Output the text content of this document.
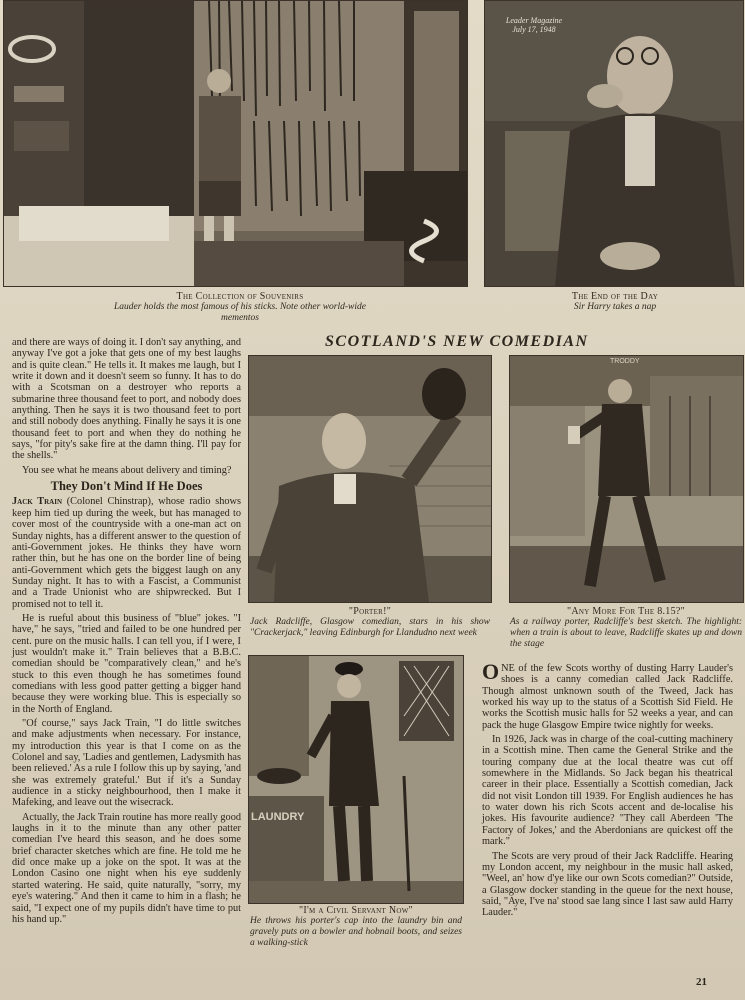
The Collection of Souvenirs
Lauder holds the most famous of his sticks. Note other world-wide mementos
Leader Magazine
July 17, 1948
The End of the Day
Sir Harry takes a nap
SCOTLAND'S NEW COMEDIAN
"Porter!"
Jack Radcliffe, Glasgow comedian, stars in his show "Crackerjack," leaving Edinburgh for Llandudno next week
TRODDY
"Any More For The 8.15?"
As a railway porter, Radcliffe's best sketch. The highlight: when a train is about to leave, Radcliffe skates up and down the stage
LAUNDRY
"I'm a Civil Servant Now"
He throws his porter's cap into the laundry bin and gravely puts on a bowler and hobnail boots, and seizes a walking-stick

and there are ways of doing it. I don't say anything, and anyway I've got a joke that gets one of my best laughs and is quite clean." He tells it. It makes me laugh, but I write it down and it doesn't seem so funny. It has to do with a Scotsman on a destroyer who reports a submarine three thousand feet to port, and nobody does anything. Then he says it is two thousand feet to port and still nobody does anything. Finally he says it is one thousand feet to port and when they do nothing he says, "for pity's sake fire at the damn thing. I'll pay for the shells."

You see what he means about delivery and timing?

They Don't Mind If He Does

Jack Train (Colonel Chinstrap), whose radio shows keep him tied up during the week, but has managed to cover most of the countryside with a one-man act on Sunday nights, has a different answer to the question of anti-Government jokes. He thinks they have worn rather thin, but he has one on the border line of being anti-Government which gets the biggest laugh on any Sunday night. It has to with a Fascist, a Communist and a Trade Unionist who are shipwrecked. But I promised not to tell it.

He is rueful about this business of "blue" jokes. "I have," he says, "tried and failed to be one hundred per cent. pure on the music halls. I can tell you, if I were, I just wouldn't make it." Train believes that a B.B.C. comedian should be "comparatively clean," and he's stuck to this even though he has sometimes found comedians with less good patter getting a bigger hand because they were working blue. This is especially so in the North of England.

"Of course," says Jack Train, "I do little switches and make adjustments when necessary. For instance, my introduction this year is that I come on as the Colonel and say, 'Ladies and gentlemen, Ladysmith has been relieved.' As a rule I follow this up by saying, 'and she was extremely grateful.' But if it's a Sunday audience in a sticky neighbourhood, then I make it Mafeking, and leave out the wisecrack.

Actually, the Jack Train routine has more really good laughs in it to the minute than any other patter comedian I've heard this season, and he does some brief character sketches which are fine. He told me he did once make up a joke on the spot. It was at the London Casino one night when his eye suddenly started watering. He said, quite naturally, "sorry, my eye's watering." And then it came to him in a flash; he said, "I expect one of my pupils didn't have time to put his hand up."

ONE of the few Scots worthy of dusting Harry Lauder's shoes is a canny comedian called Jack Radcliffe. Though almost unknown south of the Tweed, Jack has worked his way up to the status of a Scottish Sid Field. He works the Scottish music halls for 52 weeks a year, and can pack the huge Glasgow Empire twice nightly for weeks.

In 1926, Jack was in charge of the coal-cutting machinery in a Scottish mine. Then came the General Strike and the touring company due at the local theatre was cut off somewhere in the Midlands. So Jack began his theatrical career in their place. Essentially a Scottish comedian, Jack did not visit London till 1939. For English audiences he has to water down his rich Scots accent and de-localise his jokes. His favourite audience? "They call Aberdeen 'The Factory of Jokes,' and the Aberdonians are quickest off the mark."

The Scots are very proud of their Jack Radcliffe. Hearing my London accent, my neighbour in the music hall asked, "Weel, an' how d'ye like our own Scots comedian?" Outside, a Glasgow docker standing in the queue for the next house, said, "Aye, I've na' stood sae lang since I last saw auld Harry Lauder."

21
